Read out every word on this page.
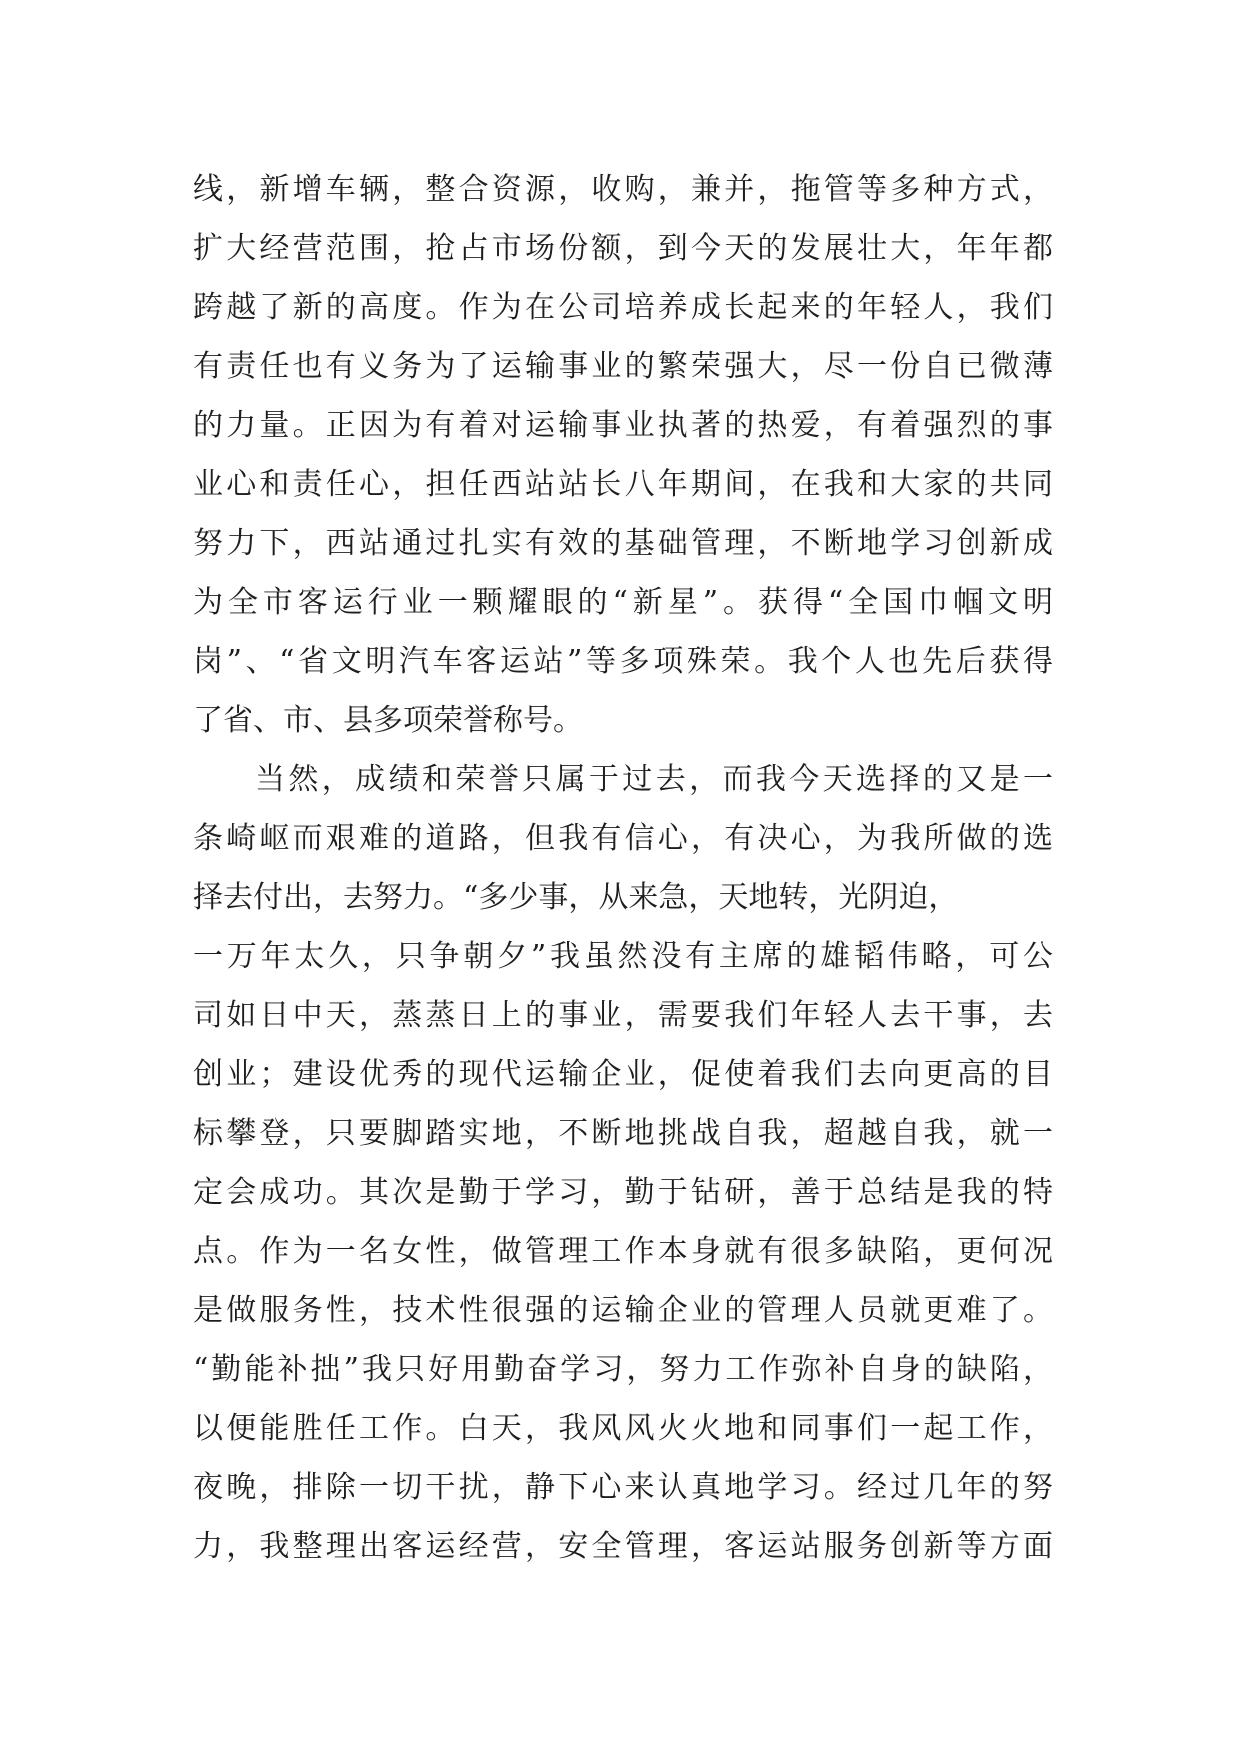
线，新增车辆，整合资源，收购，兼并，拖管等多种方式，
扩大经营范围，抢占市场份额，到今天的发展壮大，年年都
跨越了新的高度。作为在公司培养成长起来的年轻人，我们
有责任也有义务为了运输事业的繁荣强大，尽一份自已微薄
的力量。正因为有着对运输事业执著的热爱，有着强烈的事
业心和责任心，担任西站站长八年期间，在我和大家的共同
努力下，西站通过扎实有效的基础管理，不断地学习创新成
为全市客运行业一颗耀眼的“新星”。获得“全国巾帼文明
岗”、“省文明汽车客运站”等多项殊荣。我个人也先后获得
了省、市、县多项荣誉称号。
当然，成绩和荣誉只属于过去，而我今天选择的又是一
条崎岖而艰难的道路，但我有信心，有决心，为我所做的选
择去付出，去努力。“多少事，从来急，天地转，光阴迫，
一万年太久，只争朝夕”我虽然没有主席的雄韬伟略，可公
司如日中天，蒸蒸日上的事业，需要我们年轻人去干事，去
创业；建设优秀的现代运输企业，促使着我们去向更高的目
标攀登，只要脚踏实地，不断地挑战自我，超越自我，就一
定会成功。其次是勤于学习，勤于钻研，善于总结是我的特
点。作为一名女性，做管理工作本身就有很多缺陷，更何况
是做服务性，技术性很强的运输企业的管理人员就更难了。
“勤能补拙”我只好用勤奋学习，努力工作弥补自身的缺陷，
以便能胜任工作。白天，我风风火火地和同事们一起工作，
夜晚，排除一切干扰，静下心来认真地学习。经过几年的努
力，我整理出客运经营，安全管理，客运站服务创新等方面
